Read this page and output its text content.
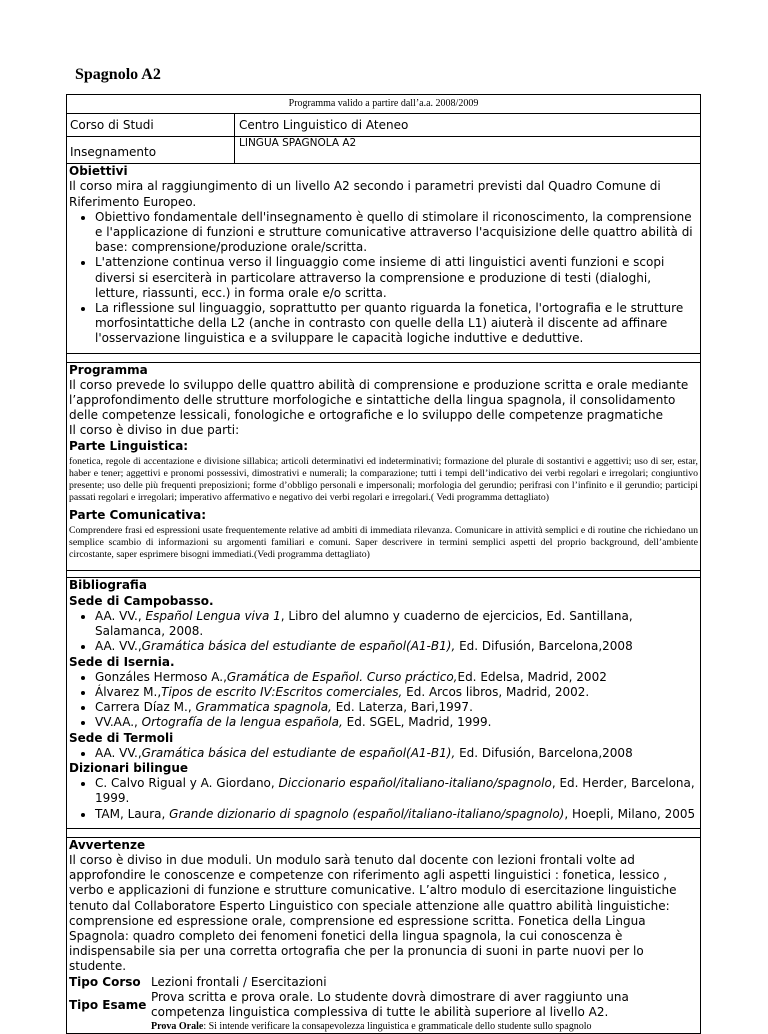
Spagnolo A2
Programma valido a partire dall’a.a. 2008/2009
Corso di Studi	Centro Linguistico di Ateneo
Insegnamento
LINGUA SPAGNOLA A2
Obiettivi
Il corso mira al raggiungimento di un livello A2 secondo i parametri previsti dal Quadro Comune di Riferimento Europeo.
• Obiettivo fondamentale dell'insegnamento è quello di stimolare il riconoscimento, la comprensione e l'applicazione di funzioni e strutture comunicative attraverso l'acquisizione delle quattro abilità di base: comprensione/produzione orale/scritta.
• L'attenzione continua verso il linguaggio come insieme di atti linguistici aventi funzioni e scopi diversi si eserciterà in particolare attraverso la comprensione e produzione di testi (dialoghi, letture, riassunti, ecc.) in forma orale e/o scritta.
• La riflessione sul linguaggio, soprattutto per quanto riguarda la fonetica, l'ortografia e le strutture morfosintattiche della L2 (anche in contrasto con quelle della L1) aiuterà il discente ad affinare l'osservazione linguistica e a sviluppare le capacità logiche induttive e deduttive.
Programma
Il corso prevede lo sviluppo delle quattro abilità di comprensione e produzione scritta e orale mediante l’approfondimento delle strutture morfologiche e sintattiche della lingua spagnola, il consolidamento delle competenze lessicali, fonologiche e ortografiche e lo sviluppo delle competenze pragmatiche
Il corso è diviso in due parti:
Parte Linguistica:
fonetica, regole di accentazione e divisione sillabica; articoli determinativi ed indeterminativi; formazione del plurale di sostantivi e aggettivi; uso di ser, estar, haber e tener; aggettivi e pronomi possessivi, dimostrativi e numerali; la comparazione; tutti i tempi dell’indicativo dei verbi regolari e irregolari; congiuntivo presente; uso delle più frequenti preposizioni; forme d’obbligo personali e impersonali; morfologia del gerundio; perifrasi con l’infinito e il gerundio; participi passati regolari e irregolari; imperativo affermativo e negativo dei verbi regolari e irregolari.( Vedi programma dettagliato)
Parte Comunicativa:
Comprendere frasi ed espressioni usate frequentemente relative ad ambiti di immediata rilevanza. Comunicare in attività semplici e di routine che richiedano un semplice scambio di informazioni su argomenti familiari e comuni. Saper descrivere in termini semplici aspetti del proprio background, dell’ambiente circostante, saper esprimere bisogni immediati.(Vedi programma dettagliato)
Bibliografia
Sede di Campobasso.
• AA. VV., Español Lengua viva 1, Libro del alumno y cuaderno de ejercicios, Ed. Santillana, Salamanca, 2008.
• AA. VV.,Gramática básica del estudiante de español(A1-B1), Ed. Difusión, Barcelona,2008
Sede di Isernia.
• Gonzáles Hermoso A.,Gramática de Español. Curso práctico,Ed. Edelsa, Madrid, 2002
• Álvarez M.,Tipos de escrito IV:Escritos comerciales, Ed. Arcos libros, Madrid, 2002.
• Carrera Díaz M., Grammatica spagnola, Ed. Laterza, Bari,1997.
• VV.AA., Ortografía de la lengua española, Ed. SGEL, Madrid, 1999.
Sede di Termoli
• AA. VV.,Gramática básica del estudiante de español(A1-B1), Ed. Difusión, Barcelona,2008
Dizionari bilingue
• C. Calvo Rigual y A. Giordano, Diccionario español/italiano-italiano/spagnolo, Ed. Herder, Barcelona, 1999.
• TAM, Laura, Grande dizionario di spagnolo (español/italiano-italiano/spagnolo), Hoepli, Milano, 2005
Avvertenze
Il corso è diviso in due moduli. Un modulo sarà tenuto dal docente con lezioni frontali volte ad approfondire le conoscenze e competenze con riferimento agli aspetti linguistici : fonetica, lessico , verbo e applicazioni di funzione e strutture comunicative. L’altro modulo di esercitazione linguistiche tenuto dal Collaboratore Esperto Linguistico con speciale attenzione alle quattro abilità linguistiche: comprensione ed espressione orale, comprensione ed espressione scritta. Fonetica della Lingua Spagnola: quadro completo dei fenomeni fonetici della lingua spagnola, la cui conoscenza è indispensabile sia per una corretta ortografia che per la pronuncia di suoni in parte nuovi per lo studente.
Tipo Corso Lezioni frontali / Esercitazioni
Tipo Esame
Prova scritta e prova orale. Lo studente dovrà dimostrare di aver raggiunto una competenza linguistica complessiva di tutte le abilità superiore al livello A2.
Prova Orale: Si intende verificare la consapevolezza linguistica e grammaticale dello studente sullo spagnolo
